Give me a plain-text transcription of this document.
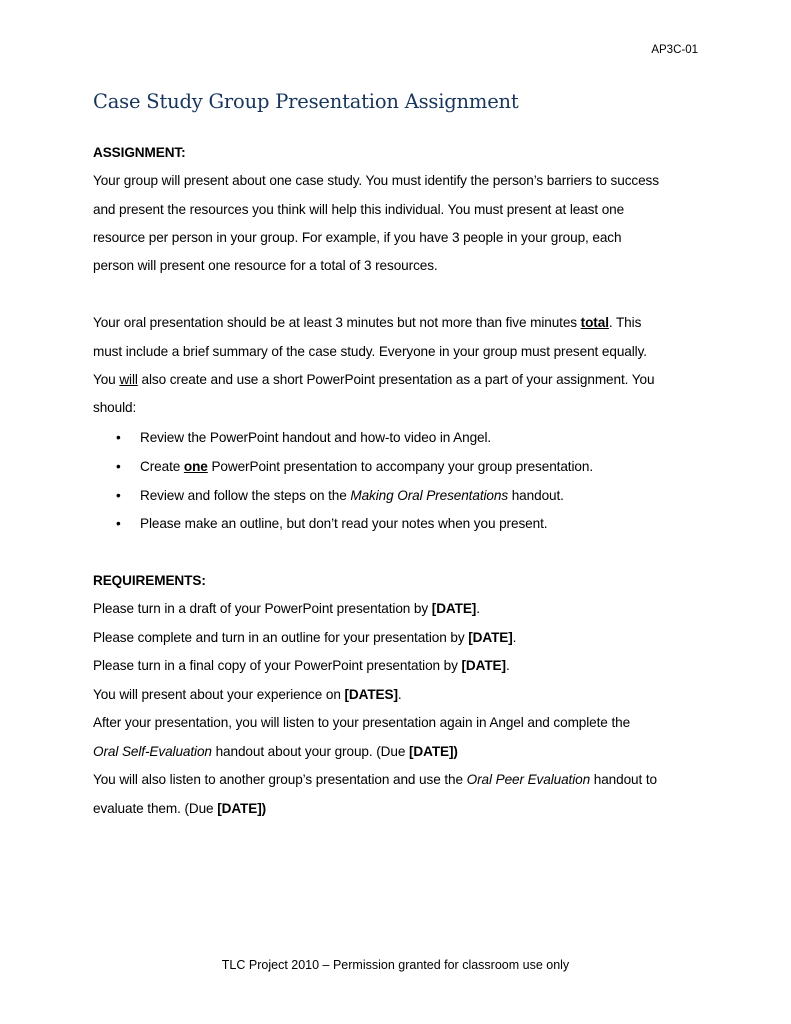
AP3C-01
Case Study Group Presentation Assignment
ASSIGNMENT:
Your group will present about one case study. You must identify the person’s barriers to success
and present the resources you think will help this individual. You must present at least one
resource per person in your group. For example, if you have 3 people in your group, each
person will present one resource for a total of 3 resources.
Your oral presentation should be at least 3 minutes but not more than five minutes total. This
must include a brief summary of the case study. Everyone in your group must present equally.
You will also create and use a short PowerPoint presentation as a part of your assignment. You
should:
• Review the PowerPoint handout and how-to video in Angel.
• Create one PowerPoint presentation to accompany your group presentation.
• Review and follow the steps on the Making Oral Presentations handout.
• Please make an outline, but don’t read your notes when you present.
REQUIREMENTS:
Please turn in a draft of your PowerPoint presentation by [DATE].
Please complete and turn in an outline for your presentation by [DATE].
Please turn in a final copy of your PowerPoint presentation by [DATE].
You will present about your experience on [DATES].
After your presentation, you will listen to your presentation again in Angel and complete the
Oral Self-Evaluation handout about your group. (Due [DATE])
You will also listen to another group’s presentation and use the Oral Peer Evaluation handout to
evaluate them. (Due [DATE])
TLC Project 2010 – Permission granted for classroom use only
